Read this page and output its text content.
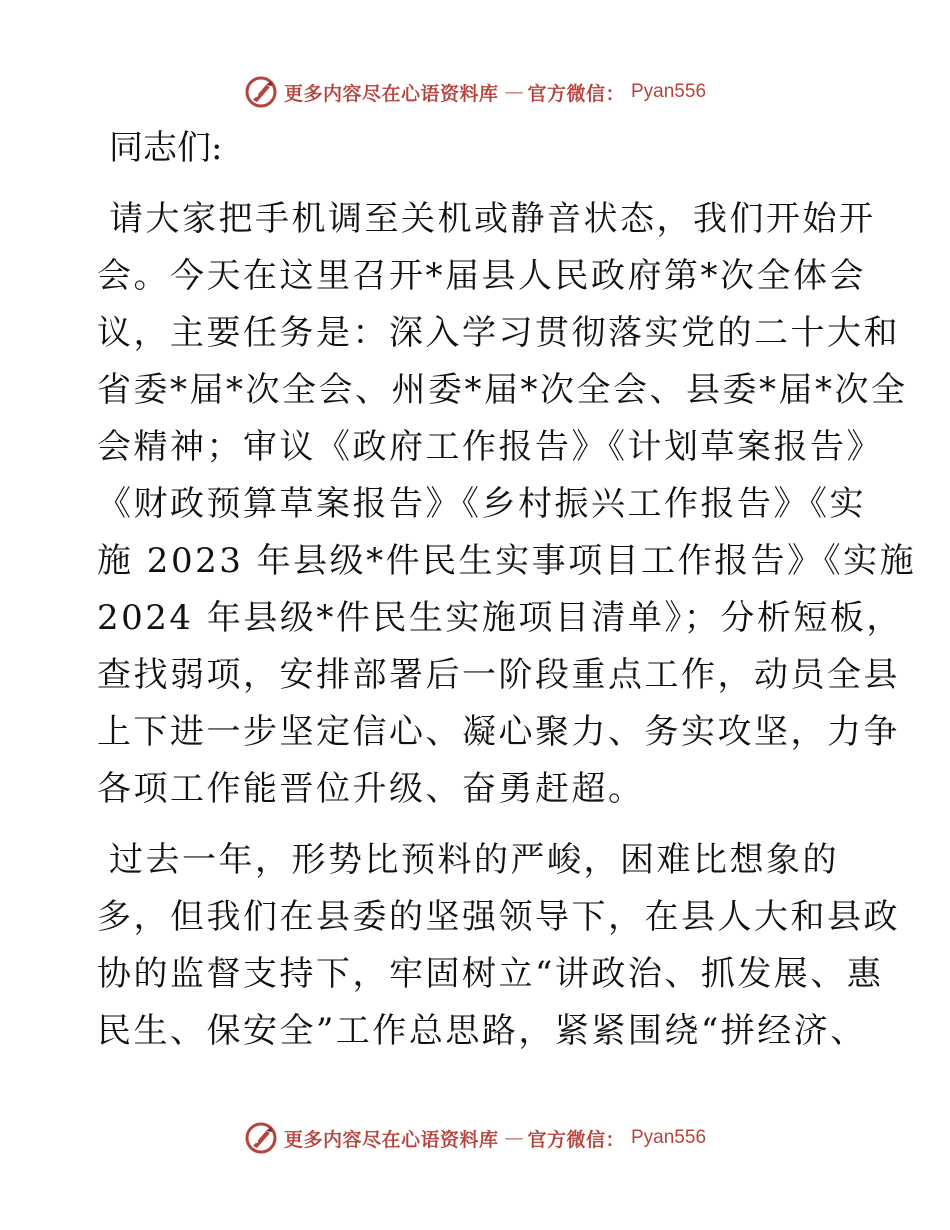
更多内容尽在心语资料库 — 官方微信： Pyan556
同志们:
请大家把手机调至关机或静音状态，我们开始开
会。今天在这里召开*届县人民政府第*次全体会
议，主要任务是：深入学习贯彻落实党的二十大和
省委*届*次全会、州委*届*次全会、县委*届*次全
会精神；审议《政府工作报告》《计划草案报告》
《财政预算草案报告》《乡村振兴工作报告》《实
施 2023 年县级*件民生实事项目工作报告》《实施
2024 年县级*件民生实施项目清单》；分析短板，
查找弱项，安排部署后一阶段重点工作，动员全县
上下进一步坚定信心、凝心聚力、务实攻坚，力争
各项工作能晋位升级、奋勇赶超。
过去一年，形势比预料的严峻，困难比想象的
多，但我们在县委的坚强领导下，在县人大和县政
协的监督支持下，牢固树立“讲政治、抓发展、惠
民生、保安全”工作总思路，紧紧围绕“拼经济、
更多内容尽在心语资料库 — 官方微信： Pyan556
